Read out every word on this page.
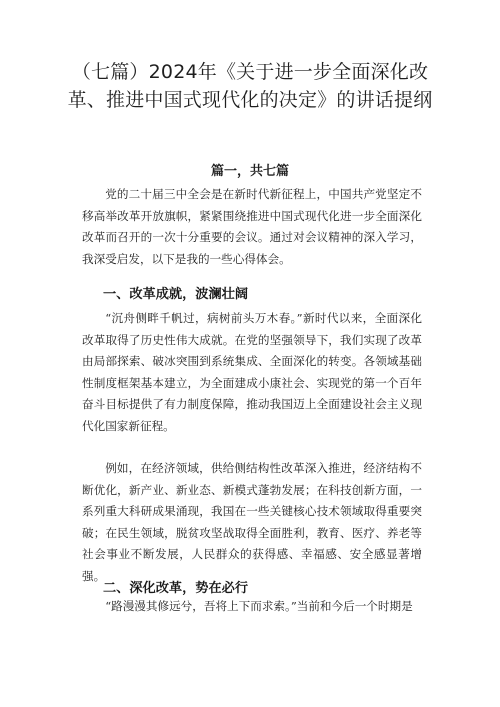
（七篇）2024年《关于进一步全面深化改革、推进中国式现代化的决定》的讲话提纲
篇一，共七篇

党的二十届三中全会是在新时代新征程上，中国共产党坚定不移高举改革开放旗帜，紧紧围绕推进中国式现代化进一步全面深化改革而召开的一次十分重要的会议。通过对会议精神的深入学习，我深受启发，以下是我的一些心得体会。

一、改革成就，波澜壮阔

“沉舟侧畔千帆过，病树前头万木春。”新时代以来，全面深化改革取得了历史性伟大成就。在党的坚强领导下，我们实现了改革由局部探索、破冰突围到系统集成、全面深化的转变。各领域基础性制度框架基本建立，为全面建成小康社会、实现党的第一个百年奋斗目标提供了有力制度保障，推动我国迈上全面建设社会主义现代化国家新征程。

例如，在经济领域，供给侧结构性改革深入推进，经济结构不断优化，新产业、新业态、新模式蓬勃发展；在科技创新方面，一系列重大科研成果涌现，我国在一些关键核心技术领域取得重要突破；在民生领域，脱贫攻坚战取得全面胜利，教育、医疗、养老等社会事业不断发展，人民群众的获得感、幸福感、安全感显著增强。

二、深化改革，势在必行

“路漫漫其修远兮，吾将上下而求索。”当前和今后一个时期是
